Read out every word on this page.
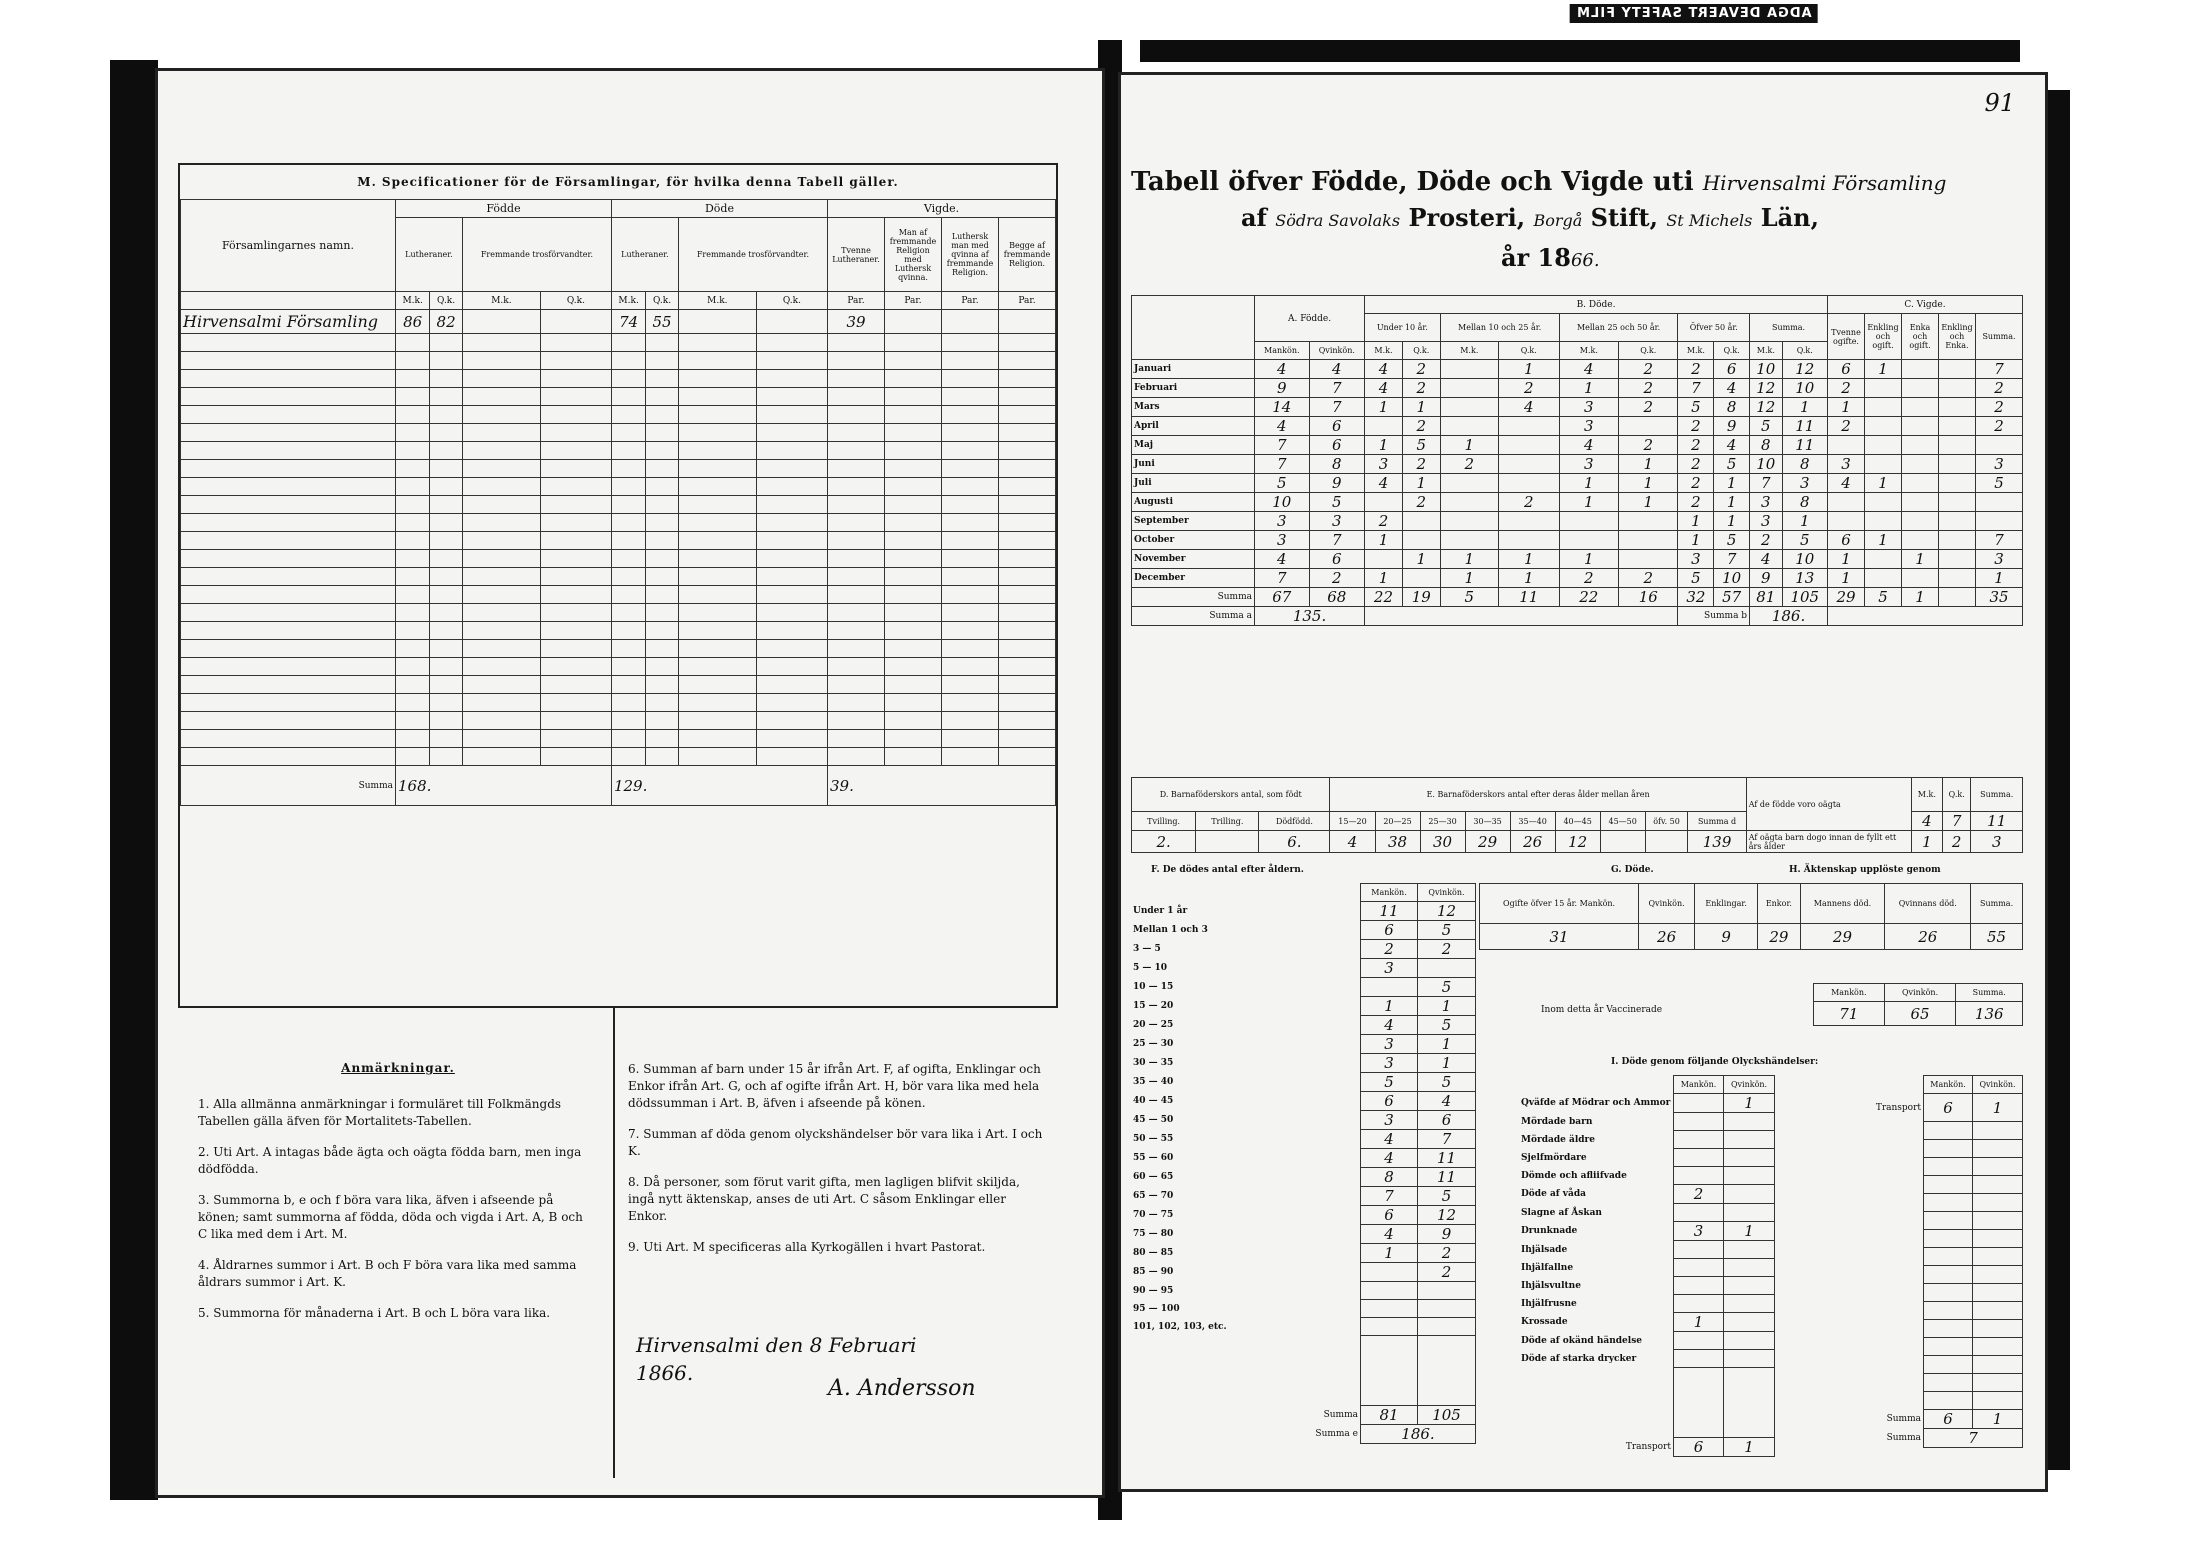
ADGA DEVAERT SAFETY FILM
M. Specificationer för de Församlingar, för hvilka denna Tabell gäller.
Församlingarnes namn.	Födde				Döde				Vigde.			
	Lutheraner.		Fremmande trosförvandter.		Lutheraner.		Fremmande trosförvandter.		Tvenne Lutheraner.	Man af fremmande Religion med Luthersk qvinna.	Luthersk man med qvinna af fremmande Religion.	Begge af fremmande Religion.
	M.k.	Q.k.	M.k.	Q.k.	M.k.	Q.k.	M.k.	Q.k.	Par.	Par.	Par.	Par.
Hirvensalmi Församling	86	82			74	55			39			

Summa	168.				129.				39.			
Anmärkningar.

1. Alla allmänna anmärkningar i formuläret till Folkmängds Tabellen gälla äfven för Mortalitets-Tabellen.

2. Uti Art. A intagas både ägta och oägta födda barn, men inga dödfödda.

3. Summorna b, e och f böra vara lika, äfven i afseende på könen; samt summorna af födda, döda och vigda i Art. A, B och C lika med dem i Art. M.

4. Åldrarnes summor i Art. B och F böra vara lika med samma åldrars summor i Art. K.

5. Summorna för månaderna i Art. B och L böra vara lika.

6. Summan af barn under 15 år ifrån Art. F, af ogifta, Enklingar och Enkor ifrån Art. G, och af ogifte ifrån Art. H, bör vara lika med hela dödssumman i Art. B, äfven i afseende på könen.

7. Summan af döda genom olyckshändelser bör vara lika i Art. I och K.

8. Då personer, som förut varit gifta, men lagligen blifvit skiljda, ingå nytt äktenskap, anses de uti Art. C såsom Enklingar eller Enkor.

9. Uti Art. M specificeras alla Kyrkogällen i hvart Pastorat.

Hirvensalmi den 8 Februari
1866.
A. Andersson
91
Tabell öfver Födde, Döde och Vigde uti Hirvensalmi Församling
af Södra Savolaks Prosteri, Borgå Stift, St Michels Län,
år 1866.
	A. Födde.		B. Döde.										C. Vigde.				
			Under 10 år.		Mellan 10 och 25 år.		Mellan 25 och 50 år.		Öfver 50 år.		Summa.		Tvenne ogifte.	Enkling och ogift.	Enka och ogift.	Enkling och Enka.	Summa.
	Mankön.	Qvinkön.	M.k.	Q.k.	M.k.	Q.k.	M.k.	Q.k.	M.k.	Q.k.	M.k.	Q.k.					
Januari	4	4	4	2		1	4	2	2	6	10	12	6	1			7
Februari	9	7	4	2		2	1	2	7	4	12	10	2				2
Mars	14	7	1	1		4	3	2	5	8	12	1	1				2
April	4	6		2			3		2	9	5	11	2				2
Maj	7	6	1	5	1		4	2	2	4	8	11					
Juni	7	8	3	2	2		3	1	2	5	10	8	3				3
Juli	5	9	4	1			1	1	2	1	7	3	4	1			5
Augusti	10	5		2		2	1	1	2	1	3	8					
September	3	3	2						1	1	3	1					
October	3	7	1						1	5	2	5	6	1			7
November	4	6		1	1	1	1		3	7	4	10	1		1		3
December	7	2	1		1	1	2	2	5	10	9	13	1				1
Summa	67	68	22	19	5	11	22	16	32	57	81	105	29	5	1		35
Summa a	135.								Summa b		186.						
D. Barnaföderskors antal, som födt			E. Barnaföderskors antal efter deras ålder mellan åren									Af de födde voro oägta	M.k.	Q.k.	Summa.
Tvilling.	Trilling.	Dödfödd.	15—20	20—25	25—30	30—35	35—40	40—45	45—50	öfv. 50	Summa d		4	7	11
2.		6.	4	38	30	29	26	12			139	Af oägta barn dogo innan de fyllt ett års ålder	1	2	3
F. De dödes antal efter åldern.
	Mankön.	Qvinkön.
Under 1 år	11	12
Mellan 1 och 3	6	5
3 — 5	2	2
5 — 10	3	
10 — 15		5
15 — 20	1	1
20 — 25	4	5
25 — 30	3	1
30 — 35	3	1
35 — 40	5	5
40 — 45	6	4
45 — 50	3	6
50 — 55	4	7
55 — 60	4	11
60 — 65	8	11
65 — 70	7	5
70 — 75	6	12
75 — 80	4	9
80 — 85	1	2
85 — 90		2
90 — 95		
95 — 100		
101, 102, 103, etc.		

Summa	81	105
Summa e	186.	
G. Döde.	H. Äktenskap upplöste genom
Ogifte öfver 15 år. Mankön.	Qvinkön.	Enklingar.	Enkor.	Mannens död.	Qvinnans död.	Summa.
31	26	9	29	29	26	55
Inom detta år Vaccinerade
Mankön.	Qvinkön.	Summa.
71	65	136
I. Döde genom följande Olyckshändelser:
	Mankön.	Qvinkön.
Qväfde af Mödrar och Ammor		1
Mördade barn		
Mördade äldre		
Sjelfmördare		
Dömde och afliifvade		
Döde af våda	2	
Slagne af Åskan		
Drunknade	3	1
Ihjälsade		
Ihjälfallne		
Ihjälsvultne		
Ihjälfrusne		
Krossade	1	
Döde af okänd händelse		
Döde af starka drycker		

Transport	6	1
	Mankön.	Qvinkön.
Transport	6	1

Summa	6	1
Summa	7	
